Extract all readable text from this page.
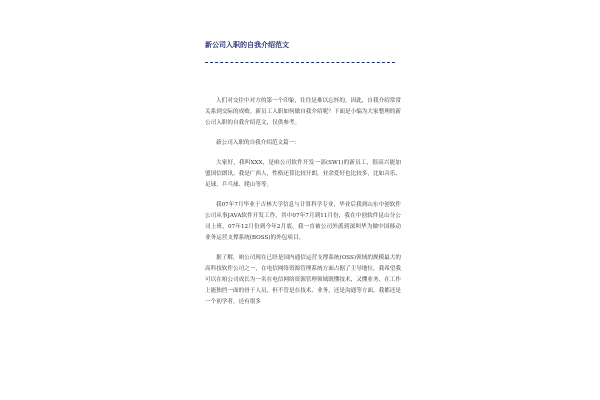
新公司入职的自我介绍范文

人们对交往中对方的第一个印象，往往是难以忘怀的，因此，自我介绍常常关系到交际的成败。新员工入职如何做自我介绍呢？下面是小编为大家整理的新公司入职的自我介绍范文，仅供参考。

新公司入职的自我介绍范文篇一：

大家好，我叫XXX，是咱公司软件开发一部(SW1)的新员工，很高兴能加盟国信朗讯。我是广西人，性格还算比较开朗，业余爱好也比较多，比如音乐、足球、乒乓球、爬山等等。

我07年7月毕业于吉林大学信息与计算科学专业，毕业后我到山东中创软件公司从事JAVA软件开发工作，其中07年7月到11月份，我在中创软件昆山分公司上班，07年12月份到今年2月底，我一直被公司外派到深圳华为做中国移动业务运营支撑系统(BOSS)的外包项目。

据了解，咱公司现在已经是国内通信运营支撑系统(OSS)领域的规模最大的高科技软件公司之一，在电信网络资源管理系统方面占据了主导地位，我希望我可以在咱公司成长为一名在电信网络资源管理领域既懂技术，又懂业务，在工作上能独挡一面的骨干人员，但不管是在技术、业务，还是沟通等方面，我都还是一个初学者，还有很多
